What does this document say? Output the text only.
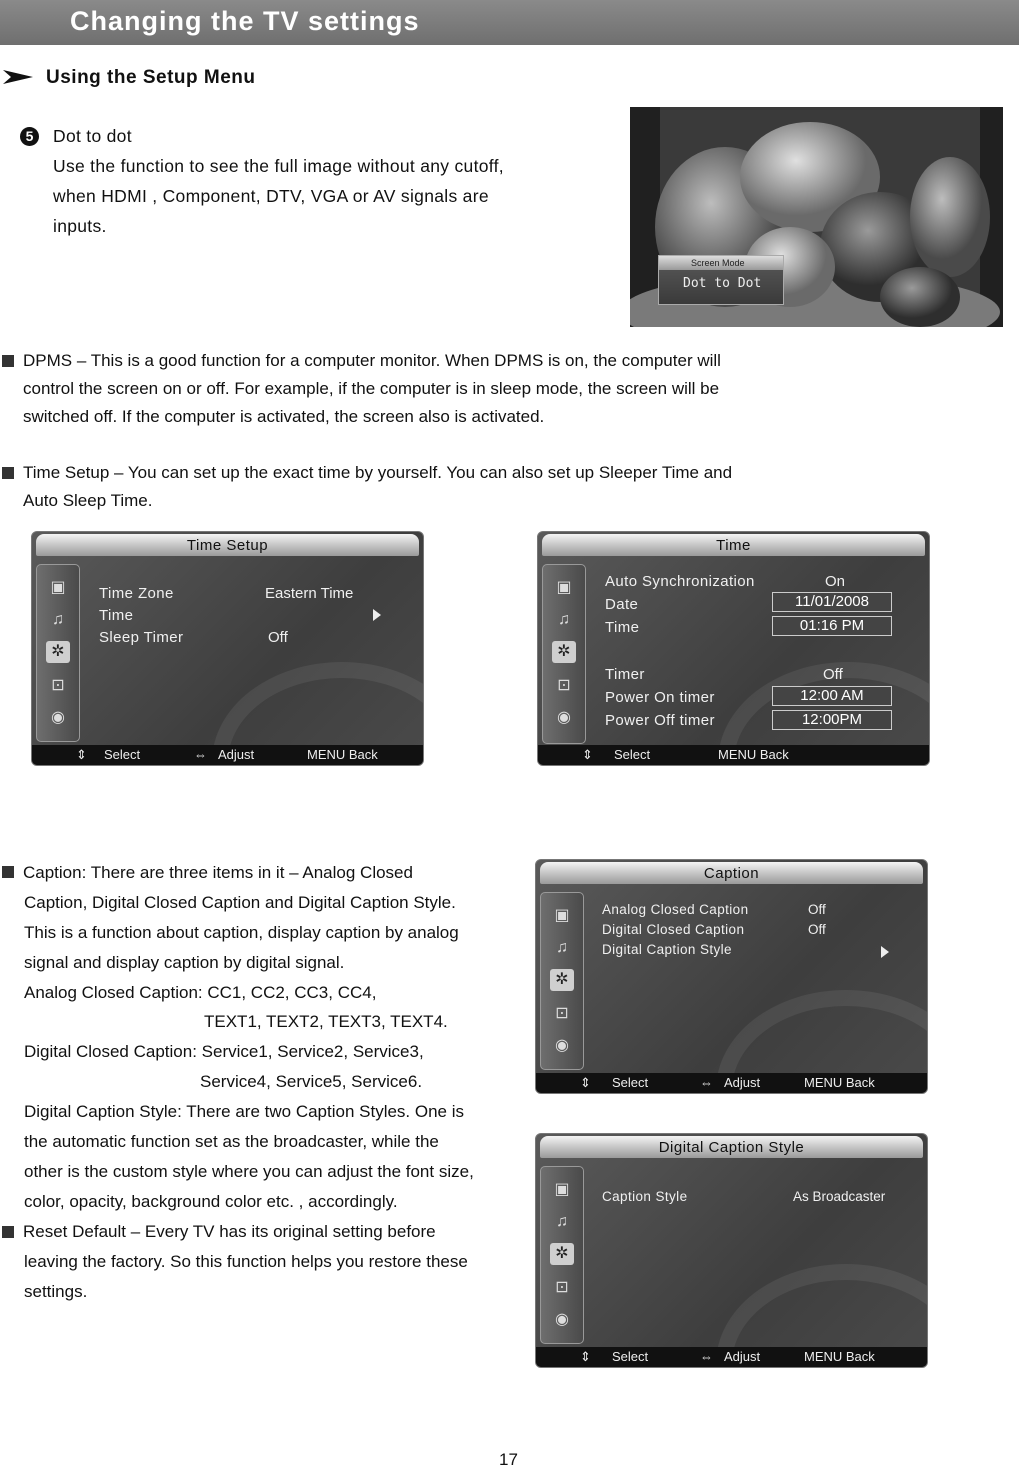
Changing the TV settings
Using the Setup Menu
5	Dot to dot
Use the function to see the full image without any cutoff,
when HDMI , Component, DTV, VGA or AV signals are
inputs.
Screen Mode
Dot to Dot
DPMS – This is a good function for a computer monitor. When DPMS is on, the computer will
control the screen on or off. For example, if the computer is in sleep mode, the screen will be
switched off. If the computer is activated, the screen also is activated.
Time Setup – You can set up the exact time by yourself. You can also set up Sleeper Time and
Auto Sleep Time.
Time Setup
▣
♫
✲
⊡
◉
Time Zone	Eastern Time
Time
Sleep Timer	Off
⇕ Select	⇔ Adjust	MENU Back
Time
▣
♫
✲
⊡
◉
Auto Synchronization	On
Date	11/01/2008
Time	01:16 PM
Timer	Off
Power On timer	12:00 AM
Power Off timer	12:00PM
⇕ Select	MENU Back
Caption: There are three items in it – Analog Closed
Caption, Digital Closed Caption and Digital Caption Style.
This is a function about caption, display caption by analog
signal and display caption by digital signal.
Analog Closed Caption: CC1, CC2, CC3, CC4,
TEXT1, TEXT2, TEXT3, TEXT4.
Digital Closed Caption: Service1, Service2, Service3,
Service4, Service5, Service6.
Digital Caption Style: There are two Caption Styles. One is
the automatic function set as the broadcaster, while the
other is the custom style where you can adjust the font size,
color, opacity, background color etc. , accordingly.
Reset Default – Every TV has its original setting before
leaving the factory. So this function helps you restore these
settings.
Caption
▣
♫
✲
⊡
◉
Analog Closed Caption	Off
Digital Closed Caption	Off
Digital Caption Style
⇕ Select	⇔ Adjust	MENU Back
Digital Caption Style
▣
♫
✲
⊡
◉
Caption Style	As Broadcaster
⇕ Select	⇔ Adjust	MENU Back
17
